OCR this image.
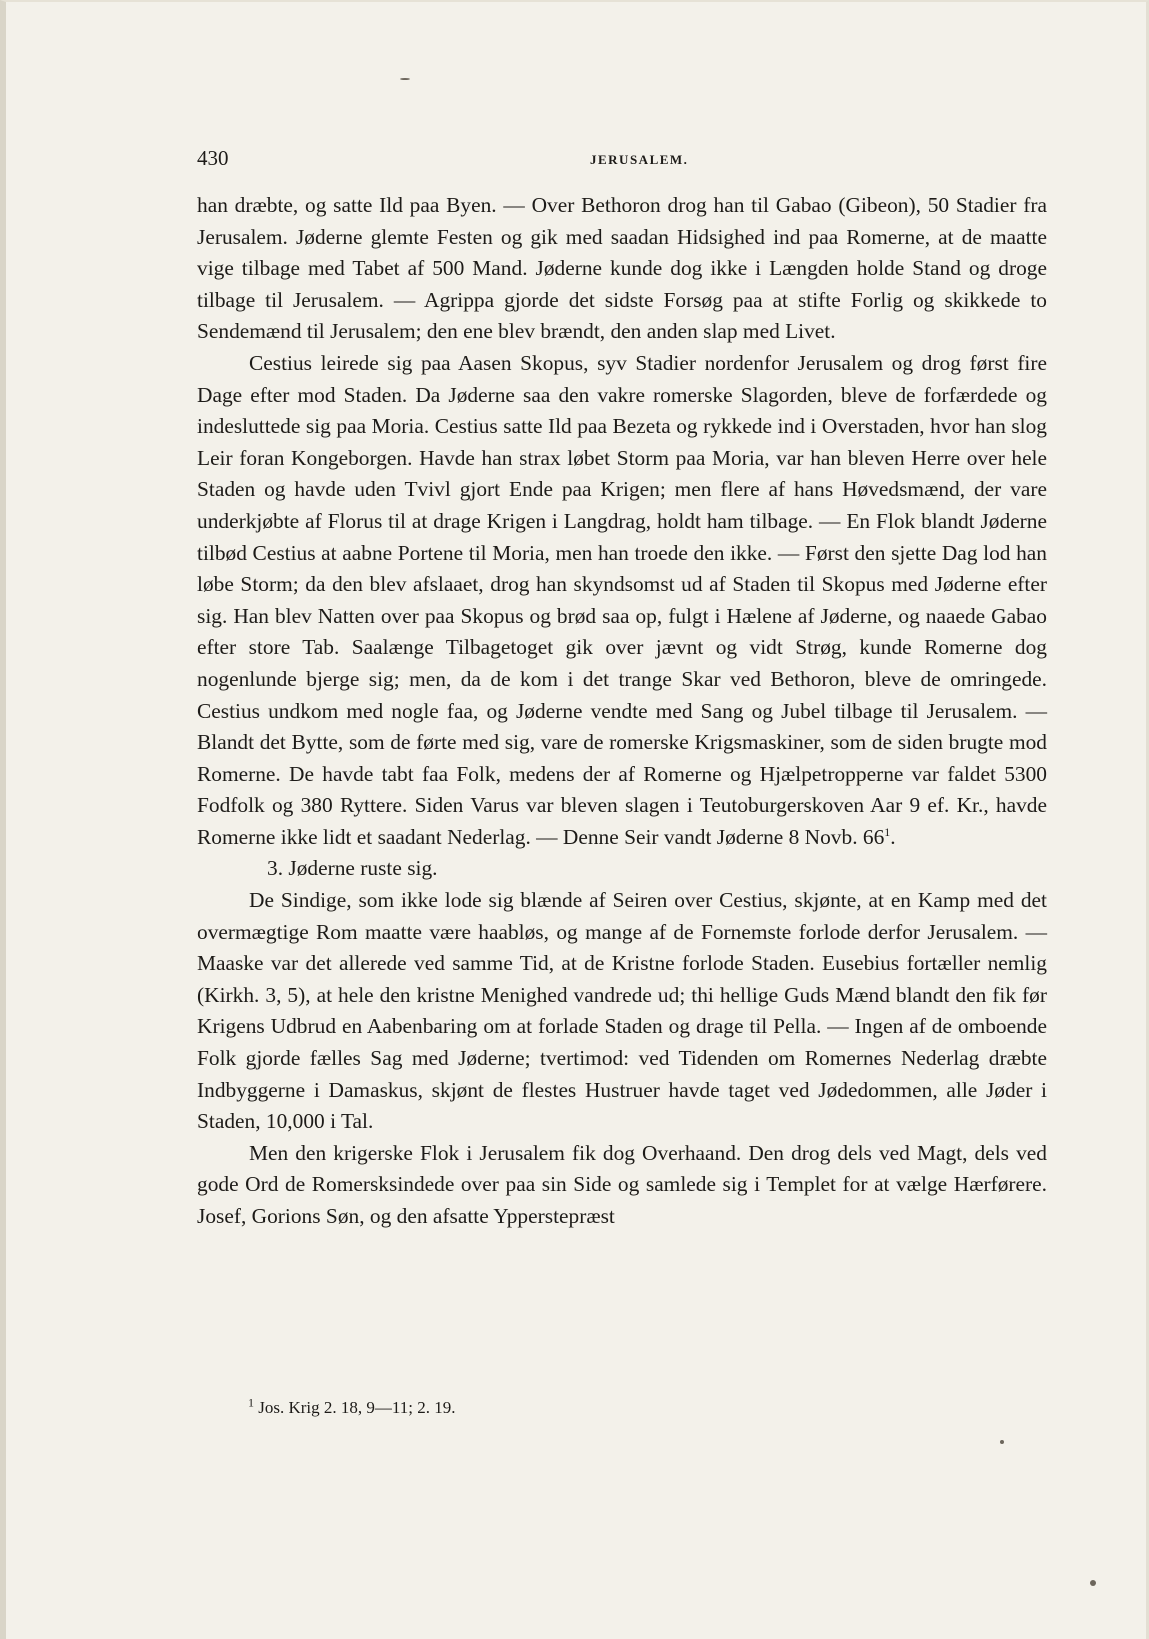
430	JERUSALEM.

han dræbte, og satte Ild paa Byen. — Over Bethoron drog han til Gabao (Gibeon), 50 Stadier fra Jerusalem. Jøderne glemte Festen og gik med saadan Hidsighed ind paa Romerne, at de maatte vige tilbage med Tabet af 500 Mand. Jøderne kunde dog ikke i Længden holde Stand og droge tilbage til Jerusalem. — Agrippa gjorde det sidste Forsøg paa at stifte Forlig og skikkede to Sendemænd til Jerusalem; den ene blev brændt, den anden slap med Livet.

Cestius leirede sig paa Aasen Skopus, syv Stadier nordenfor Jerusalem og drog først fire Dage efter mod Staden. Da Jøderne saa den vakre romerske Slagorden, bleve de forfærdede og indesluttede sig paa Moria. Cestius satte Ild paa Bezeta og rykkede ind i Overstaden, hvor han slog Leir foran Kongeborgen. Havde han strax løbet Storm paa Moria, var han bleven Herre over hele Staden og havde uden Tvivl gjort Ende paa Krigen; men flere af hans Høvedsmænd, der vare underkjøbte af Florus til at drage Krigen i Langdrag, holdt ham tilbage. — En Flok blandt Jøderne tilbød Cestius at aabne Portene til Moria, men han troede den ikke. — Først den sjette Dag lod han løbe Storm; da den blev afslaaet, drog han skyndsomst ud af Staden til Skopus med Jøderne efter sig. Han blev Natten over paa Skopus og brød saa op, fulgt i Hælene af Jøderne, og naaede Gabao efter store Tab. Saalænge Tilbagetoget gik over jævnt og vidt Strøg, kunde Romerne dog nogenlunde bjerge sig; men, da de kom i det trange Skar ved Bethoron, bleve de omringede. Cestius undkom med nogle faa, og Jøderne vendte med Sang og Jubel tilbage til Jerusalem. — Blandt det Bytte, som de førte med sig, vare de romerske Krigsmaskiner, som de siden brugte mod Romerne. De havde tabt faa Folk, medens der af Romerne og Hjælpetropperne var faldet 5300 Fodfolk og 380 Ryttere. Siden Varus var bleven slagen i Teutoburgerskoven Aar 9 ef. Kr., havde Romerne ikke lidt et saadant Nederlag. — Denne Seir vandt Jøderne 8 Novb. $66^1$.

3. Jøderne ruste sig.

De Sindige, som ikke lode sig blænde af Seiren over Cestius, skjønte, at en Kamp med det overmægtige Rom maatte være haabløs, og mange af de Fornemste forlode derfor Jerusalem. — Maaske var det allerede ved samme Tid, at de Kristne forlode Staden. Eusebius fortæller nemlig (Kirkh. 3, 5), at hele den kristne Menighed vandrede ud; thi hellige Guds Mænd blandt den fik før Krigens Udbrud en Aabenbaring om at forlade Staden og drage til Pella. — Ingen af de omboende Folk gjorde fælles Sag med Jøderne; tvertimod: ved Tidenden om Romernes Nederlag dræbte Indbyggerne i Damaskus, skjønt de flestes Hustruer havde taget ved Jødedommen, alle Jøder i Staden, 10,000 i Tal.

Men den krigerske Flok i Jerusalem fik dog Overhaand. Den drog dels ved Magt, dels ved gode Ord de Romersksindede over paa sin Side og samlede sig i Templet for at vælge Hærførere. Josef, Gorions Søn, og den afsatte Ypperstepræst

$^1$ Jos. Krig 2. 18, 9—11; 2. 19.
